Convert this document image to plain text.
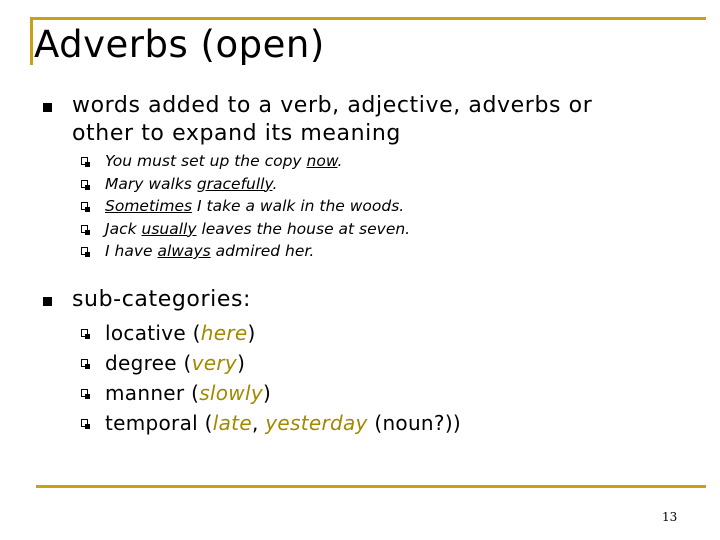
Adverbs (open)
words added to a verb, adjective, adverbs or
other to expand its meaning
You must set up the copy now.
Mary walks gracefully.
Sometimes I take a walk in the woods.
Jack usually leaves the house at seven.
I have always admired her.
sub-categories:
locative (here)
degree (very)
manner (slowly)
temporal (late, yesterday (noun?))
13
